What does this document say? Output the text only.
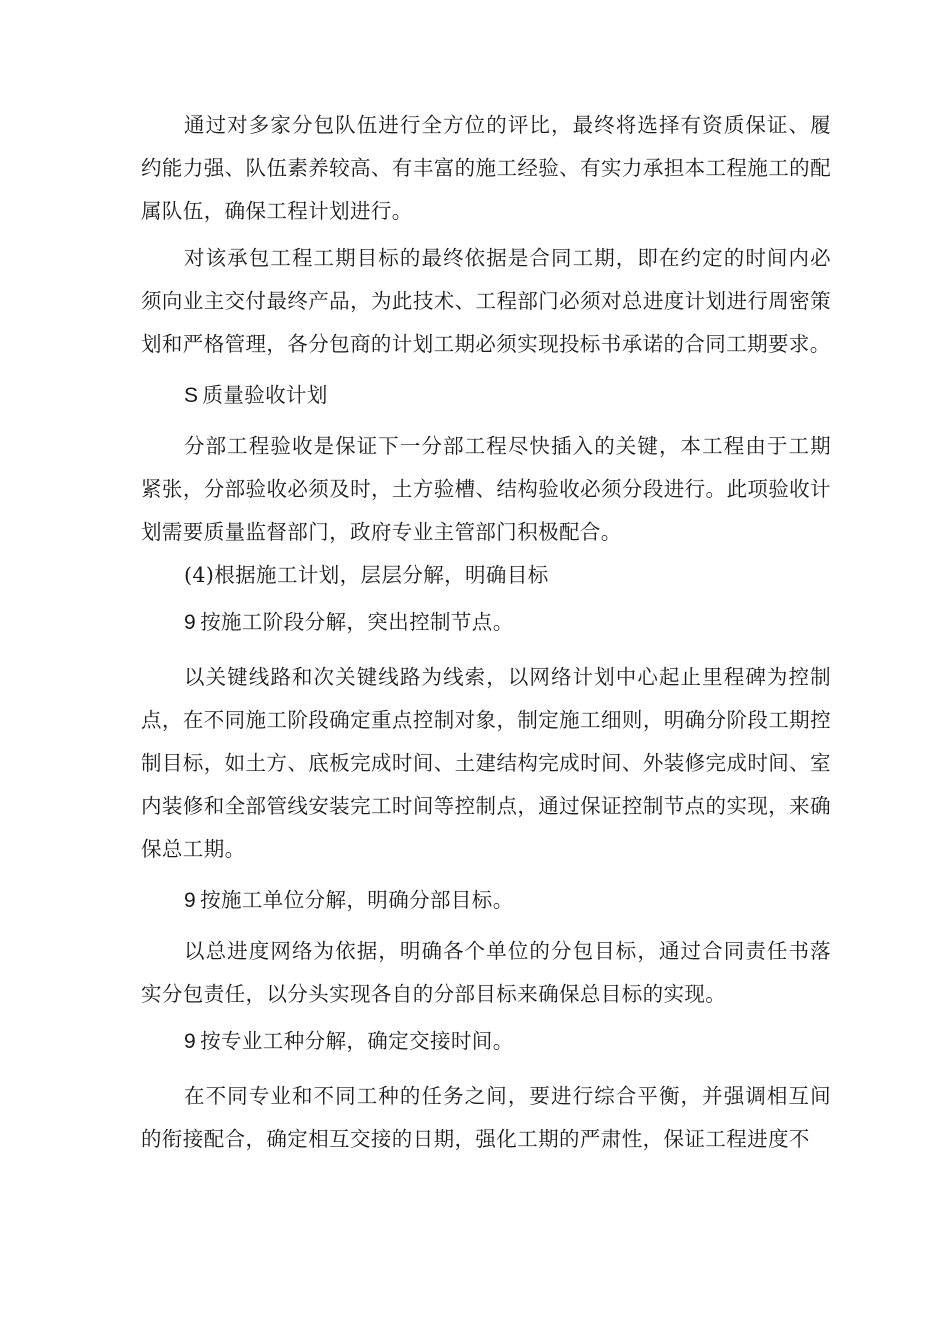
通过对多家分包队伍进行全方位的评比，最终将选择有资质保证、履约能力强、队伍素养较高、有丰富的施工经验、有实力承担本工程施工的配属队伍，确保工程计划进行。

对该承包工程工期目标的最终依据是合同工期，即在约定的时间内必须向业主交付最终产品，为此技术、工程部门必须对总进度计划进行周密策划和严格管理，各分包商的计划工期必须实现投标书承诺的合同工期要求。

S 质量验收计划

分部工程验收是保证下一分部工程尽快插入的关键，本工程由于工期紧张，分部验收必须及时，土方验槽、结构验收必须分段进行。此项验收计划需要质量监督部门，政府专业主管部门积极配合。

(4)根据施工计划，层层分解，明确目标

9 按施工阶段分解，突出控制节点。

以关键线路和次关键线路为线索，以网络计划中心起止里程碑为控制点，在不同施工阶段确定重点控制对象，制定施工细则，明确分阶段工期控制目标，如土方、底板完成时间、土建结构完成时间、外装修完成时间、室内装修和全部管线安装完工时间等控制点，通过保证控制节点的实现，来确保总工期。

9 按施工单位分解，明确分部目标。

以总进度网络为依据，明确各个单位的分包目标，通过合同责任书落实分包责任，以分头实现各自的分部目标来确保总目标的实现。

9 按专业工种分解，确定交接时间。

在不同专业和不同工种的任务之间，要进行综合平衡，并强调相互间的衔接配合，确定相互交接的日期，强化工期的严肃性，保证工程进度不
